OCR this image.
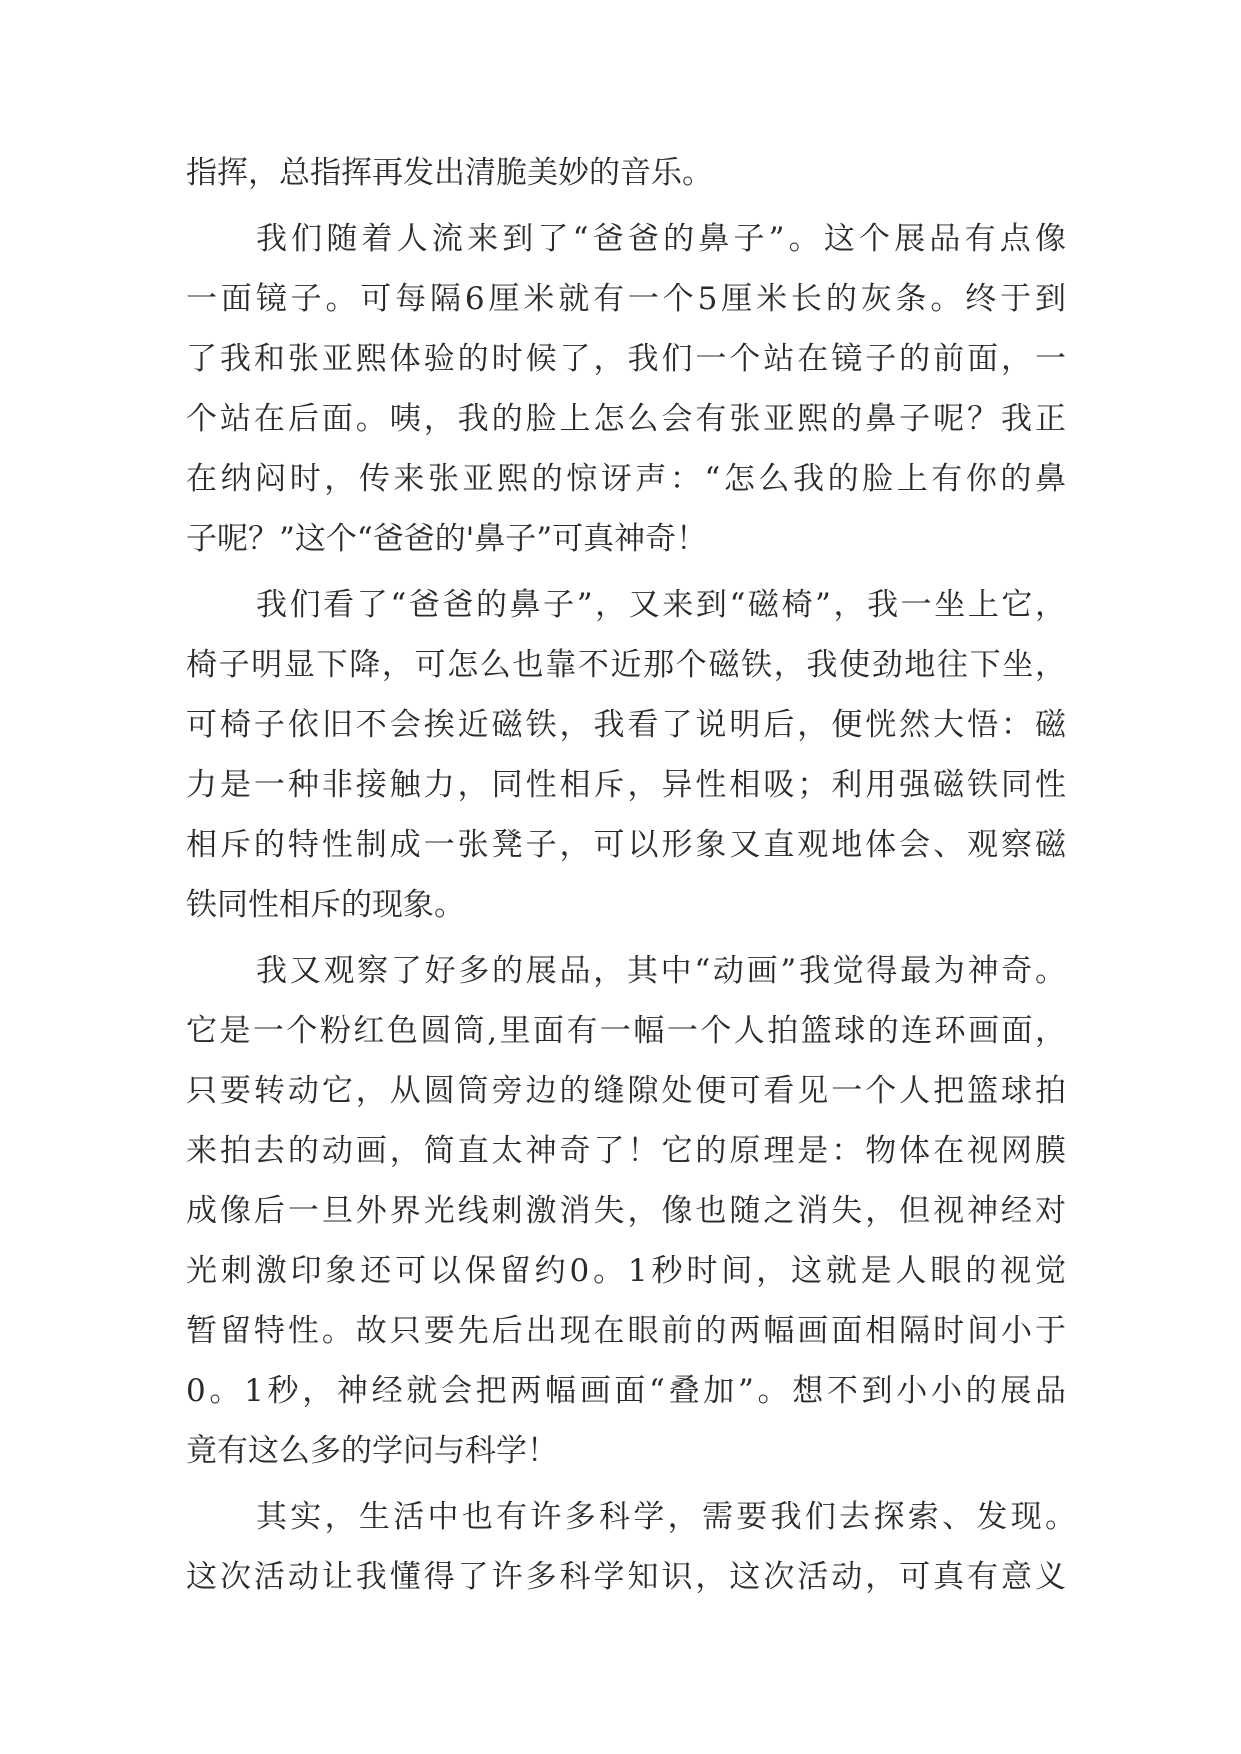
指挥，总指挥再发出清脆美妙的音乐。
我们随着人流来到了“爸爸的鼻子”。这个展品有点像
一面镜子。可每隔6厘米就有一个5厘米长的灰条。终于到
了我和张亚熙体验的时候了，我们一个站在镜子的前面，一
个站在后面。咦，我的脸上怎么会有张亚熙的鼻子呢？我正
在纳闷时，传来张亚熙的惊讶声：“怎么我的脸上有你的鼻
子呢？”这个“爸爸的'鼻子”可真神奇！
我们看了“爸爸的鼻子”，又来到“磁椅”，我一坐上它，
椅子明显下降，可怎么也靠不近那个磁铁，我使劲地往下坐，
可椅子依旧不会挨近磁铁，我看了说明后，便恍然大悟：磁
力是一种非接触力，同性相斥，异性相吸；利用强磁铁同性
相斥的特性制成一张凳子，可以形象又直观地体会、观察磁
铁同性相斥的现象。
我又观察了好多的展品，其中“动画”我觉得最为神奇。
它是一个粉红色圆筒,里面有一幅一个人拍篮球的连环画面，
只要转动它，从圆筒旁边的缝隙处便可看见一个人把篮球拍
来拍去的动画，简直太神奇了！它的原理是：物体在视网膜
成像后一旦外界光线刺激消失，像也随之消失，但视神经对
光刺激印象还可以保留约0。1秒时间，这就是人眼的视觉
暂留特性。故只要先后出现在眼前的两幅画面相隔时间小于
0。1秒，神经就会把两幅画面“叠加”。想不到小小的展品
竟有这么多的学问与科学！
其实，生活中也有许多科学，需要我们去探索、发现。
这次活动让我懂得了许多科学知识，这次活动，可真有意义
